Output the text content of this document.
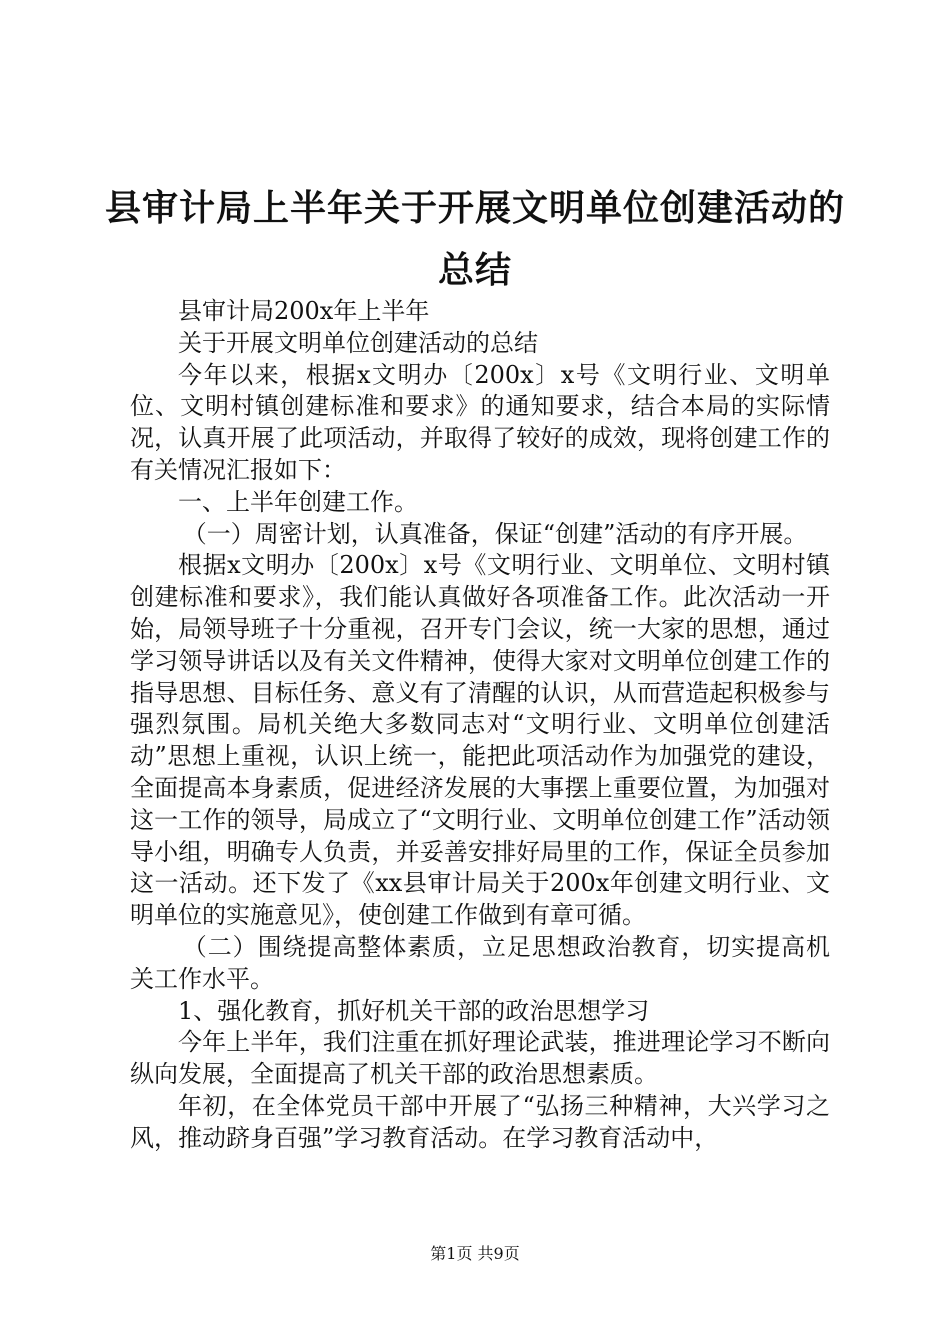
县审计局上半年关于开展文明单位创建活动的
总结

县审计局200x年上半年

关于开展文明单位创建活动的总结

今年以来，根据x文明办〔200x〕x号《文明行业、文明单位、文明村镇创建标准和要求》的通知要求，结合本局的实际情况，认真开展了此项活动，并取得了较好的成效，现将创建工作的有关情况汇报如下：

一、上半年创建工作。

（一）周密计划，认真准备，保证“创建”活动的有序开展。

根据x文明办〔200x〕x号《文明行业、文明单位、文明村镇创建标准和要求》，我们能认真做好各项准备工作。此次活动一开始，局领导班子十分重视，召开专门会议，统一大家的思想，通过学习领导讲话以及有关文件精神，使得大家对文明单位创建工作的指导思想、目标任务、意义有了清醒的认识，从而营造起积极参与强烈氛围。局机关绝大多数同志对“文明行业、文明单位创建活动”思想上重视，认识上统一，能把此项活动作为加强党的建设，全面提高本身素质，促进经济发展的大事摆上重要位置，为加强对这一工作的领导，局成立了“文明行业、文明单位创建工作”活动领导小组，明确专人负责，并妥善安排好局里的工作，保证全员参加这一活动。还下发了《xx县审计局关于200x年创建文明行业、文明单位的实施意见》，使创建工作做到有章可循。

（二）围绕提高整体素质，立足思想政治教育，切实提高机关工作水平。

1、强化教育，抓好机关干部的政治思想学习

今年上半年，我们注重在抓好理论武装，推进理论学习不断向纵向发展，全面提高了机关干部的政治思想素质。

年初，在全体党员干部中开展了“弘扬三种精神，大兴学习之风，推动跻身百强”学习教育活动。在学习教育活动中，

第1页 共9页
